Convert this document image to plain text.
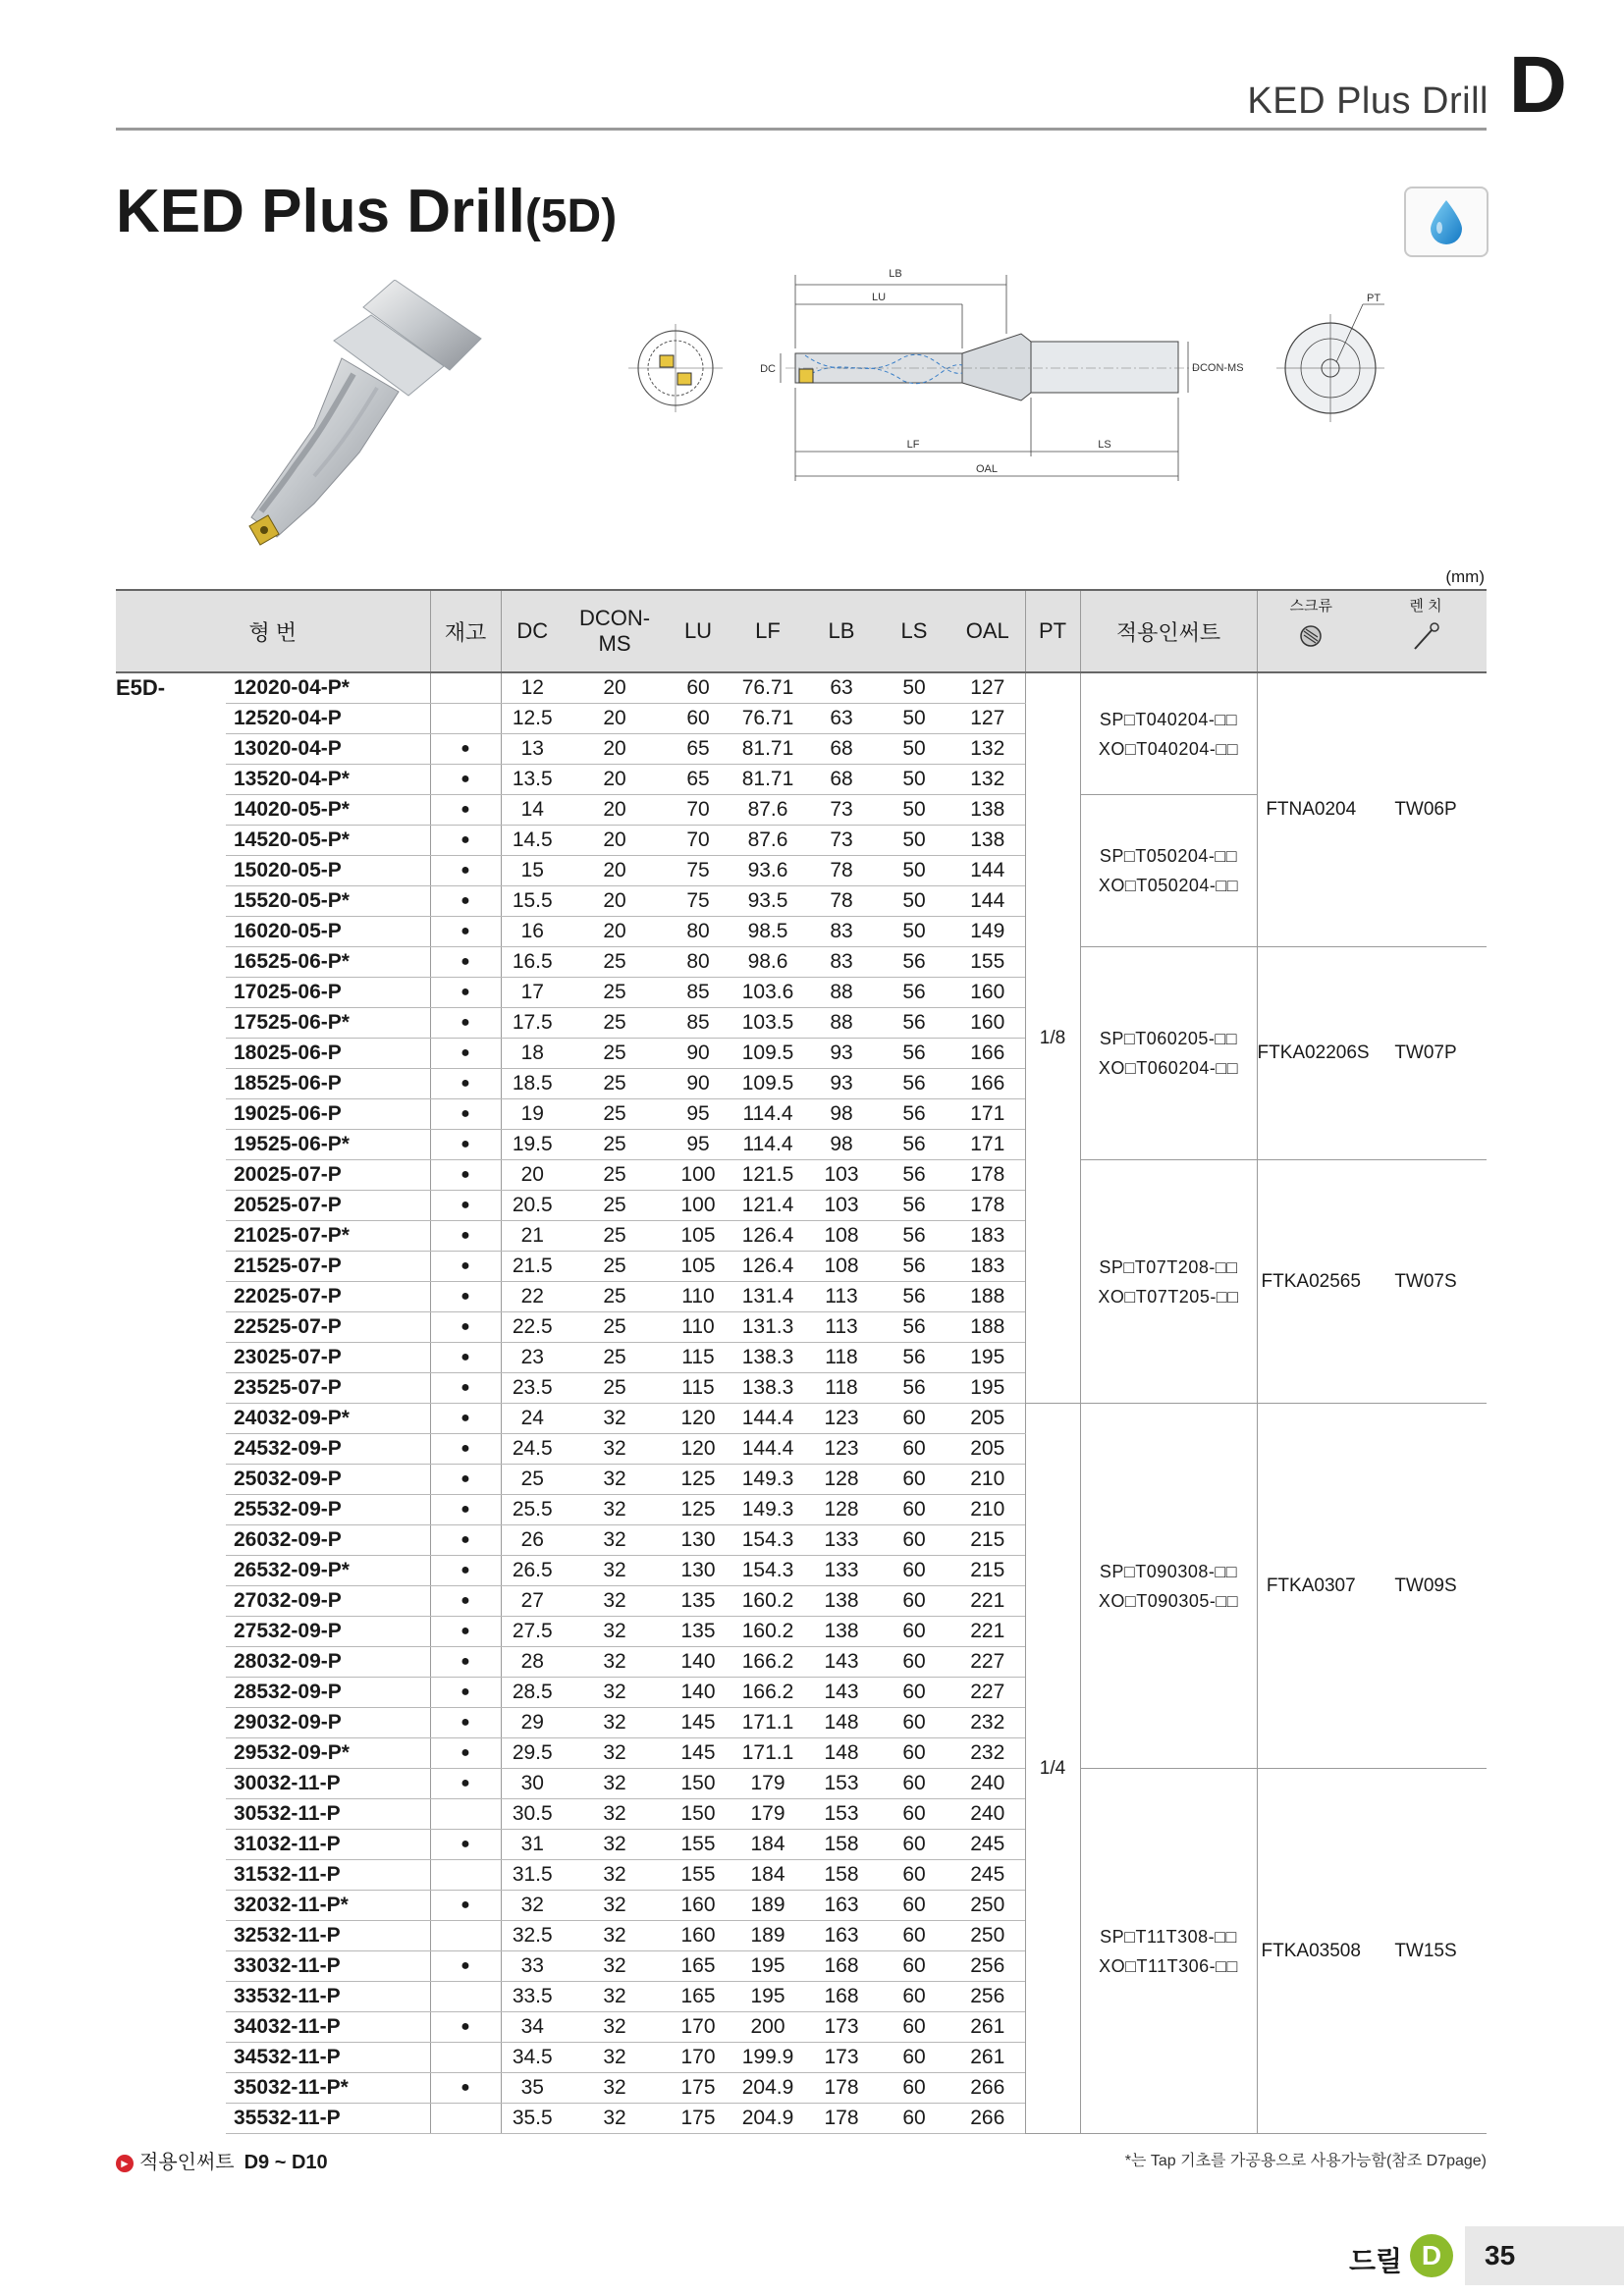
KED Plus Drill D
KED Plus Drill(5D)
LB
LU
DC	DCON-MS
LF	LS
OAL
PT
(mm)
형 번		재고	DC	DCON-MS	LU	LF	LB	LS	OAL	PT	적용인써트	스크류	렌 치

E5D-	12020-04-P*		12	20	60	76.71	63	50	127	1/8	SP□T040204-□□
XO□T040204-□□	FTNA0204	TW06P
	12520-04-P		12.5	20	60	76.71	63	50	127				
	13020-04-P	●	13	20	65	81.71	68	50	132				
	13520-04-P*	●	13.5	20	65	81.71	68	50	132				
	14020-05-P*	●	14	20	70	87.6	73	50	138		SP□T050204-□□
XO□T050204-□□		

	14520-05-P*	●	14.5	20	70	87.6	73	50	138				
	15020-05-P	●	15	20	75	93.6	78	50	144				
	15520-05-P*	●	15.5	20	75	93.5	78	50	144				
	16020-05-P	●	16	20	80	98.5	83	50	149				
	16525-06-P*	●	16.5	25	80	98.6	83	56	155		SP□T060205-□□
XO□T060204-□□	FTKA02206S	TW07P
	17025-06-P	●	17	25	85	103.6	88	56	160				
	17525-06-P*	●	17.5	25	85	103.5	88	56	160				
	18025-06-P	●	18	25	90	109.5	93	56	166				
	18525-06-P	●	18.5	25	90	109.5	93	56	166				
	19025-06-P	●	19	25	95	114.4	98	56	171				
	19525-06-P*	●	19.5	25	95	114.4	98	56	171				
	20025-07-P	●	20	25	100	121.5	103	56	178		SP□T07T208-□□
XO□T07T205-□□	FTKA02565	TW07S
	20525-07-P	●	20.5	25	100	121.4	103	56	178				
	21025-07-P*	●	21	25	105	126.4	108	56	183				
	21525-07-P	●	21.5	25	105	126.4	108	56	183				
	22025-07-P	●	22	25	110	131.4	113	56	188				
	22525-07-P	●	22.5	25	110	131.3	113	56	188				
	23025-07-P	●	23	25	115	138.3	118	56	195				
	23525-07-P	●	23.5	25	115	138.3	118	56	195				
	24032-09-P*	●	24	32	120	144.4	123	60	205	1/4	SP□T090308-□□
XO□T090305-□□	FTKA0307	TW09S
	24532-09-P	●	24.5	32	120	144.4	123	60	205				
	25032-09-P	●	25	32	125	149.3	128	60	210				
	25532-09-P	●	25.5	32	125	149.3	128	60	210				
	26032-09-P	●	26	32	130	154.3	133	60	215				
	26532-09-P*	●	26.5	32	130	154.3	133	60	215				
	27032-09-P	●	27	32	135	160.2	138	60	221				
	27532-09-P	●	27.5	32	135	160.2	138	60	221				
	28032-09-P	●	28	32	140	166.2	143	60	227				
	28532-09-P	●	28.5	32	140	166.2	143	60	227				
	29032-09-P	●	29	32	145	171.1	148	60	232				
	29532-09-P*	●	29.5	32	145	171.1	148	60	232				
	30032-11-P	●	30	32	150	179	153	60	240		SP□T11T308-□□
XO□T11T306-□□	FTKA03508	TW15S
	30532-11-P		30.5	32	150	179	153	60	240				
	31032-11-P	●	31	32	155	184	158	60	245				
	31532-11-P		31.5	32	155	184	158	60	245				
	32032-11-P*	●	32	32	160	189	163	60	250				
	32532-11-P		32.5	32	160	189	163	60	250				
	33032-11-P	●	33	32	165	195	168	60	256				
	33532-11-P		33.5	32	165	195	168	60	256				
	34032-11-P	●	34	32	170	200	173	60	261				
	34532-11-P		34.5	32	170	199.9	173	60	261				
	35032-11-P*	●	35	32	175	204.9	178	60	266				
	35532-11-P		35.5	32	175	204.9	178	60	266				
► 적용인써트 D9 ~ D10	*는 Tap 기초를 가공용으로 사용가능함(참조 D7page)
드릴 D	35
